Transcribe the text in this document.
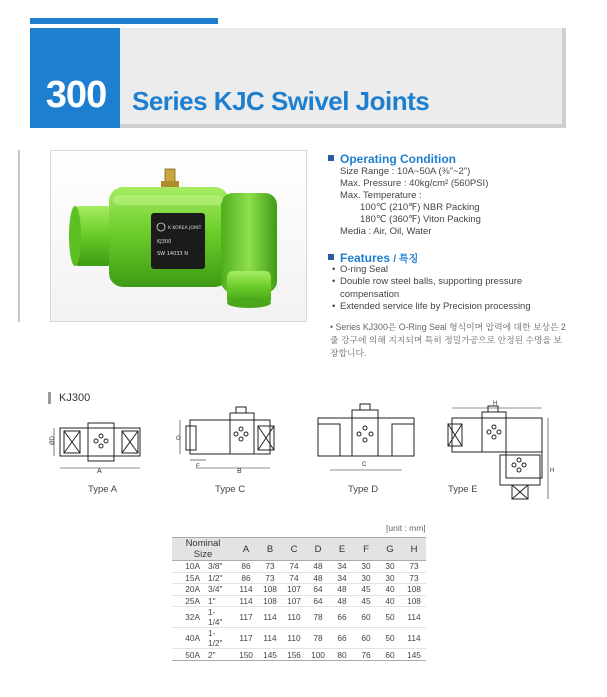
300 Series KJC Swivel Joints
K KOREA JOINT
KJ300
SW 14033 N
Operating Condition
Size Range : 10A~50A (⅜"~2")
Max. Pressure : 40kg/cm² (560PSI)
Max. Temperature :
100℃ (210℉) NBR Packing
180℃ (360℉) Viton Packing
Media : Air, Oil, Water
Features / 특징
• O-ring Seal
• Double row steel balls, supporting pressure compensation
• Extended service life by Precision processing
• Series KJ300은 O-Ring Seal 형식이며 압력에 대한 보상은 2줄 강구에 의해 지지되며 특히 정밀가공으로 안정된 수명을 보장합니다.
KJ300
A
ØD
B
G
F	C
H
H
Type A	Type C	Type D	Type E
[unit : mm]
Nominal Size		A	B	C	D	E	F	G	H
10A	3/8"	86	73	74	48	34	30	30	73
15A	1/2"	86	73	74	48	34	30	30	73
20A	3/4"	114	108	107	64	48	45	40	108
25A	1"	114	108	107	64	48	45	40	108
32A	1-1/4"	117	114	110	78	66	60	50	114
40A	1-1/2"	117	114	110	78	66	60	50	114
50A	2"	150	145	156	100	80	76	60	145
